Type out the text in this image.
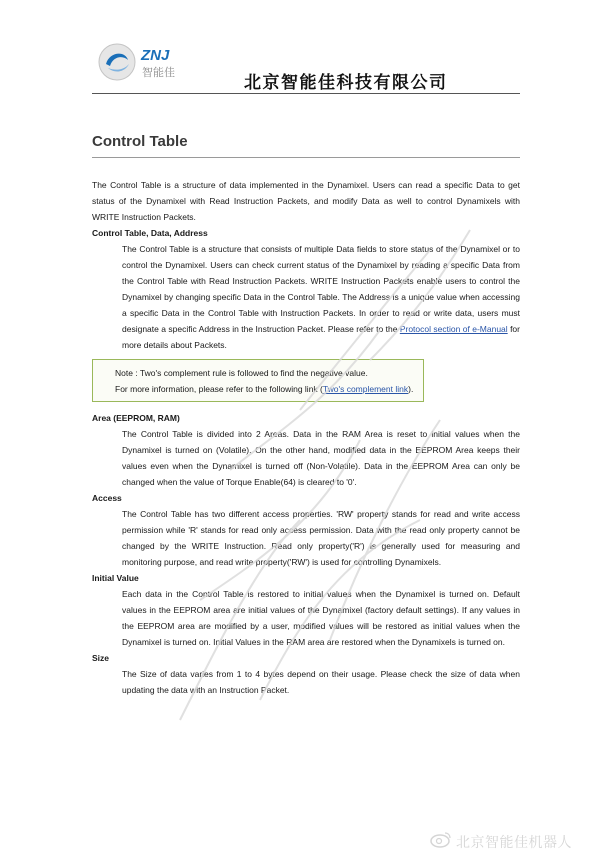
ZNJ
智能佳
北京智能佳科技有限公司
Control Table

The Control Table is a structure of data implemented in the Dynamixel. Users can read a specific Data to get status of the Dynamixel with Read Instruction Packets, and modify Data as well to control Dynamixels with WRITE Instruction Packets.

Control Table, Data, Address

The Control Table is a structure that consists of multiple Data fields to store status of the Dynamixel or to control the Dynamixel. Users can check current status of the Dynamixel by reading a specific Data from the Control Table with Read Instruction Packets. WRITE Instruction Packets enable users to control the Dynamixel by changing specific Data in the Control Table. The Address is a unique value when accessing a specific Data in the Control Table with Instruction Packets. In order to read or write data, users must designate a specific Address in the Instruction Packet. Please refer to the Protocol section of e-Manual for more details about Packets.

Note : Two's complement rule is followed to find the negative value.

For more information, please refer to the following link (Two's complement link).

Area (EEPROM, RAM)

The Control Table is divided into 2 Areas. Data in the RAM Area is reset to initial values when the Dynamixel is turned on (Volatile). On the other hand, modified data in the EEPROM Area keeps their values even when the Dynamixel is turned off (Non-Volatile). Data in the EEPROM Area can only be changed when the value of Torque Enable(64) is cleared to '0'.

Access

The Control Table has two different access properties. 'RW' property stands for read and write access permission while 'R' stands for read only access permission. Data with the read only property cannot be changed by the WRITE Instruction. Read only property('R') is generally used for measuring and monitoring purpose, and read write property('RW') is used for controlling Dynamixels.

Initial Value

Each data in the Control Table is restored to initial values when the Dynamixel is turned on. Default values in the EEPROM area are initial values of the Dynamixel (factory default settings). If any values in the EEPROM area are modified by a user, modified values will be restored as initial values when the Dynamixel is turned on. Initial Values in the RAM area are restored when the Dynamixels is turned on.

Size

The Size of data varies from 1 to 4 bytes depend on their usage. Please check the size of data when updating the data with an Instruction Packet.

北京智能佳机器人
